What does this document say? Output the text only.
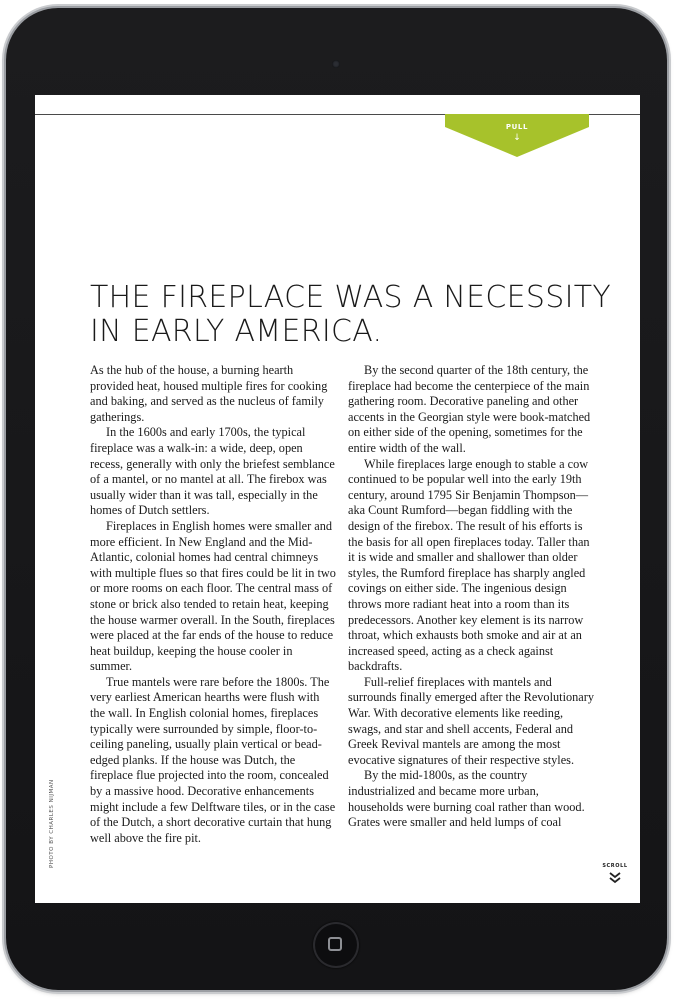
PULL
↓
THE FIREPLACE WAS A NECESSITY IN EARLY AMERICA.

As the hub of the house, a burning hearth provided heat, housed multiple fires for cooking and baking, and served as the nucleus of family gatherings.

In the 1600s and early 1700s, the typical fireplace was a walk-in: a wide, deep, open recess, generally with only the briefest semblance of a mantel, or no mantel at all. The firebox was usually wider than it was tall, especially in the homes of Dutch settlers.

Fireplaces in English homes were smaller and more efficient. In New England and the Mid-Atlantic, colonial homes had central chimneys with multiple flues so that fires could be lit in two or more rooms on each floor. The central mass of stone or brick also tended to retain heat, keeping the house warmer overall. In the South, fireplaces were placed at the far ends of the house to reduce heat buildup, keeping the house cooler in summer.

True mantels were rare before the 1800s. The very earliest American hearths were flush with the wall. In English colonial homes, fireplaces typically were surrounded by simple, floor-to-ceiling paneling, usually plain vertical or bead-edged planks. If the house was Dutch, the fireplace flue projected into the room, concealed by a massive hood. Decorative enhancements might include a few Delftware tiles, or in the case of the Dutch, a short decorative curtain that hung well above the fire pit.

By the second quarter of the 18th century, the fireplace had become the centerpiece of the main gathering room. Decorative paneling and other accents in the Georgian style were book-matched on either side of the opening, sometimes for the entire width of the wall.

While fireplaces large enough to stable a cow continued to be popular well into the early 19th century, around 1795 Sir Benjamin Thompson—aka Count Rumford—began fiddling with the design of the firebox. The result of his efforts is the basis for all open fireplaces today. Taller than it is wide and smaller and shallower than older styles, the Rumford fireplace has sharply angled covings on either side. The ingenious design throws more radiant heat into a room than its predecessors. Another key element is its narrow throat, which exhausts both smoke and air at an increased speed, acting as a check against backdrafts.

Full-relief fireplaces with mantels and surrounds finally emerged after the Revolutionary War. With decorative elements like reeding, swags, and star and shell accents, Federal and Greek Revival mantels are among the most evocative signatures of their respective styles.

By the mid-1800s, as the country industrialized and became more urban, households were burning coal rather than wood. Grates were smaller and held lumps of coal

PHOTO BY CHARLES NIJMAN	SCROLL
